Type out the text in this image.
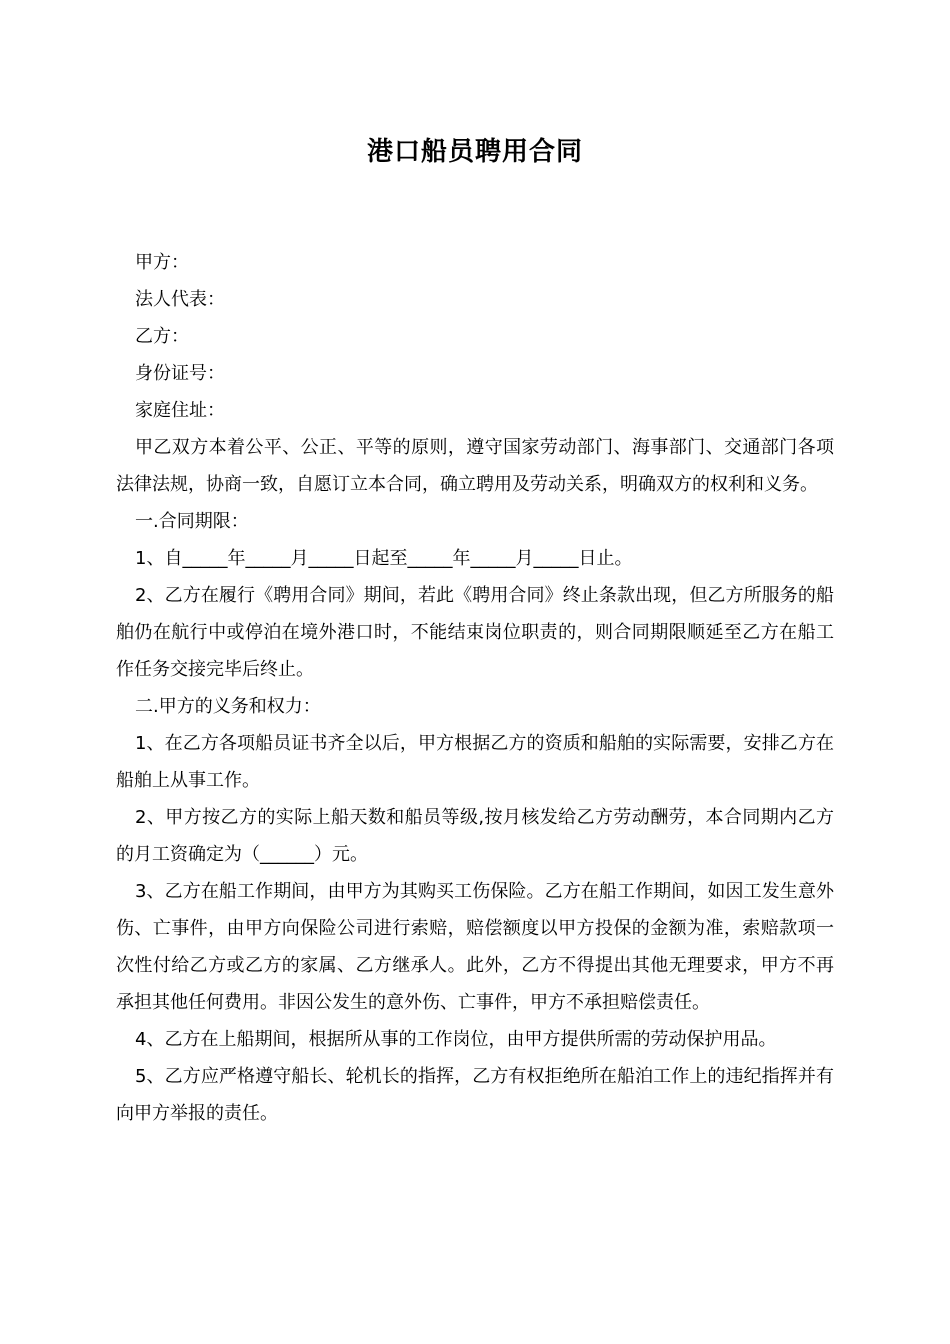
港口船员聘用合同

甲方：

法人代表：

乙方：

身份证号：

家庭住址：

甲乙双方本着公平、公正、平等的原则，遵守国家劳动部门、海事部门、交通部门各项法律法规，协商一致，自愿订立本合同，确立聘用及劳动关系，明确双方的权利和义务。

一.合同期限：

1、自_____年_____月_____日起至_____年_____月_____日止。

2、乙方在履行《聘用合同》期间，若此《聘用合同》终止条款出现，但乙方所服务的船舶仍在航行中或停泊在境外港口时，不能结束岗位职责的，则合同期限顺延至乙方在船工作任务交接完毕后终止。

二.甲方的义务和权力：

1、在乙方各项船员证书齐全以后，甲方根据乙方的资质和船舶的实际需要，安排乙方在船舶上从事工作。

2、甲方按乙方的实际上船天数和船员等级,按月核发给乙方劳动酬劳，本合同期内乙方的月工资确定为（______）元。

3、乙方在船工作期间，由甲方为其购买工伤保险。乙方在船工作期间，如因工发生意外伤、亡事件，由甲方向保险公司进行索赔，赔偿额度以甲方投保的金额为准，索赔款项一次性付给乙方或乙方的家属、乙方继承人。此外，乙方不得提出其他无理要求，甲方不再承担其他任何费用。非因公发生的意外伤、亡事件，甲方不承担赔偿责任。

4、乙方在上船期间，根据所从事的工作岗位，由甲方提供所需的劳动保护用品。

5、乙方应严格遵守船长、轮机长的指挥，乙方有权拒绝所在船泊工作上的违纪指挥并有向甲方举报的责任。
